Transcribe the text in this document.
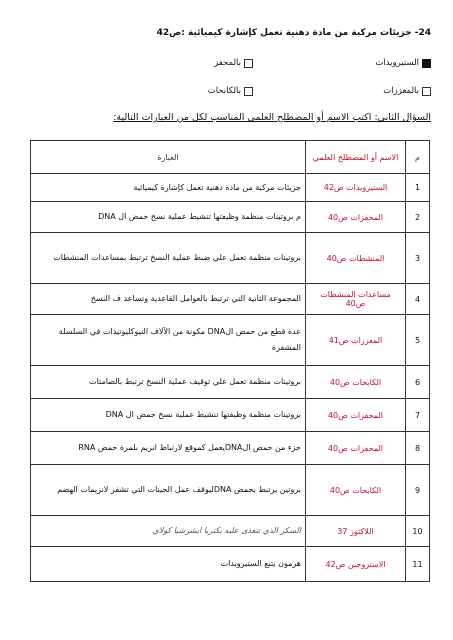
24- جزيئات مركبة من مادة دهنية تعمل كإشارة كيميائية :ص42
الستيرويدات
بالمحفز
بالمعززات
بالكابحات
السؤال الثاني: اكتب الاسم أو المصطلح العلمي المناسب لكل من العبارات التالية:
م	الاسم أو المصطلح العلمي	العبارة
1	الستيرويدات ص42	جزيئات مركبة من مادة دهنية تعمل كإشارة كيميائية
2	المحفزات ص40	م بروتينات منظمة وظيفتها تنشيط عملية نسخ حمض ال DNA
3	المنشطات ص40	بروتينات منظمة تعمل علي ضبط عملية النسخ ترتبط بمساعدات المنشطات
4	مساعدات المنشطات ص40	المجموعة الثانية التي ترتبط بالعوامل القاعدية وتساعد ف النسخ
5	المعززات ص41	عدة قطع من حمض الDNA مكونة من الآلاف النيوكليوتيدات في السلسلة المشفرة
6	الكابحات ص40	بروتينات منظمة تعمل علي توقيف عملية النسخ ترتبط بالصامتات
7	المحفزات ص40	بروتينات منظمة وظيفتها تنشيط عملية نسخ حمض ال DNA
8	المحفزات ص40	جزء من حمض الDNAيعمل كموقع لارتباط انزيم بلمرة حمض RNA
9	الكابحات ص40	بروتين يرتبط بحمض DNAليوقف عمل الجينات التي تشفر لانزيمات الهضم
10	اللاكتوز 37	السكر الذي تتغذى عليه بكتريا ايشرشيا كولاي
11	الاستروجين ص42	هرمون يتبع الستيرويدات
